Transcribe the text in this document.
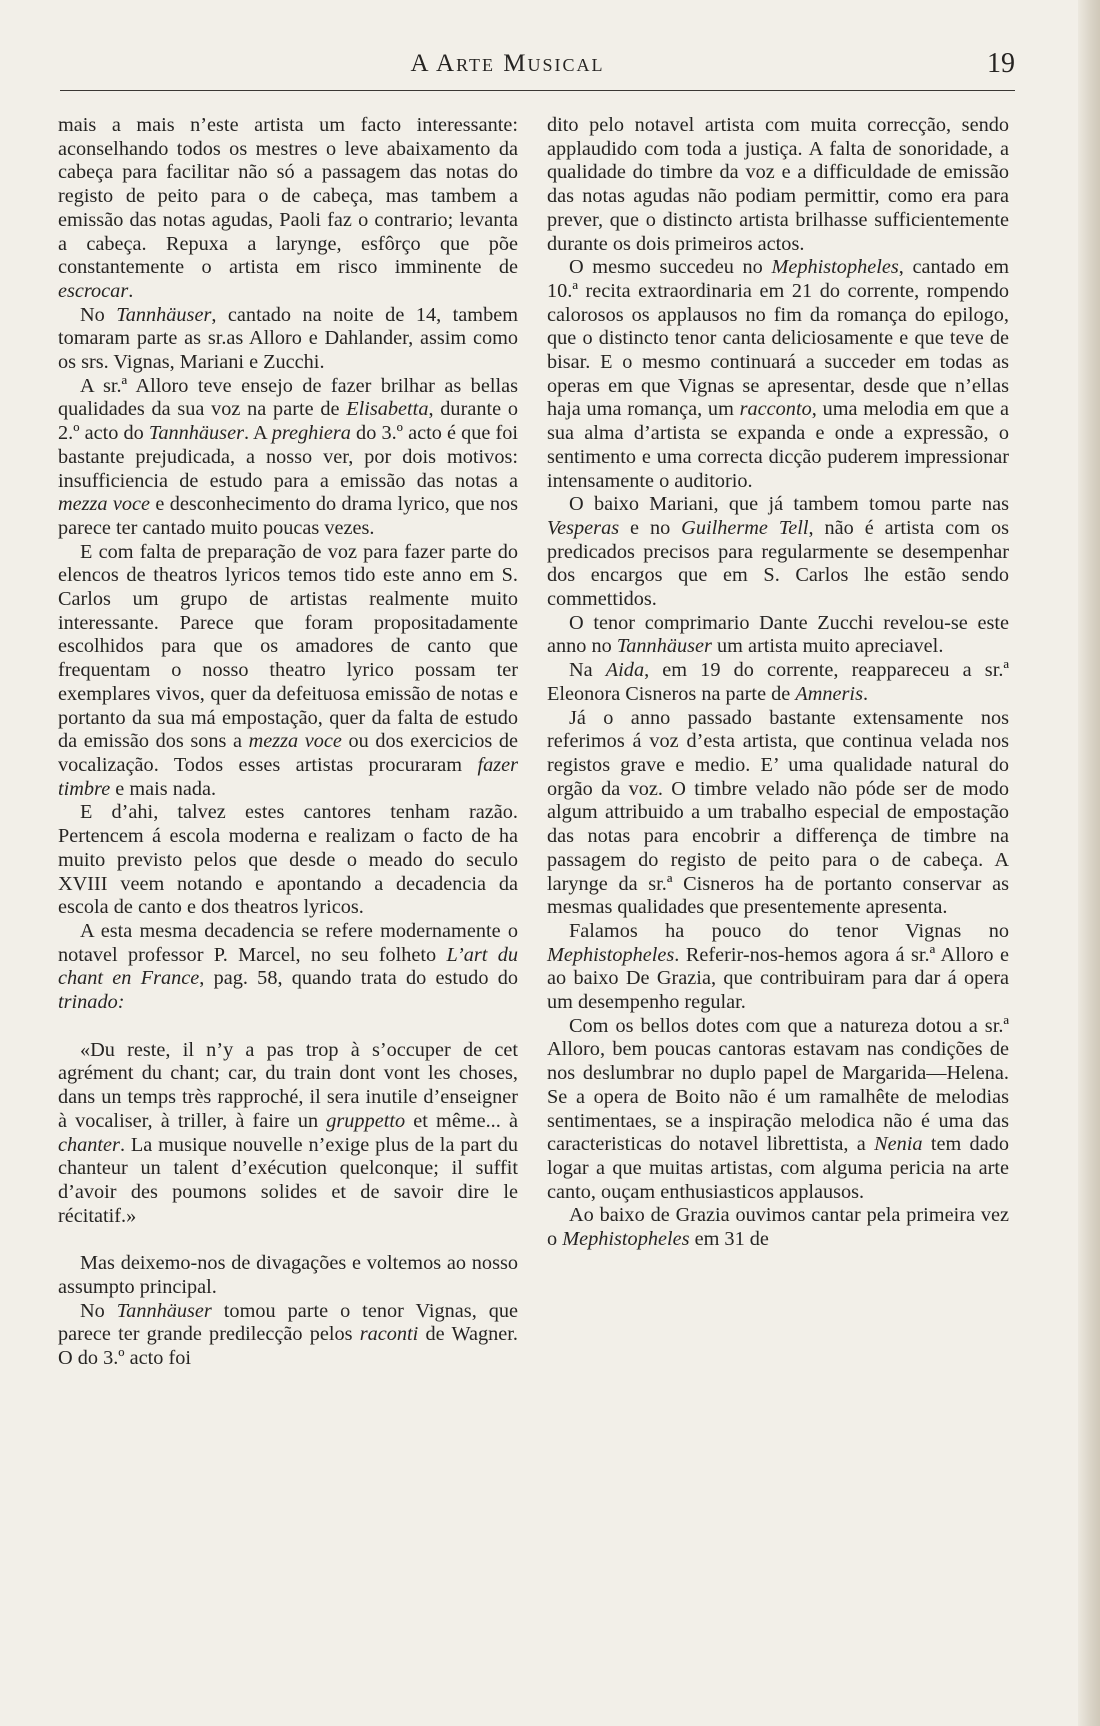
A Arte Musical	19

mais a mais n’este artista um facto interessante: aconselhando todos os mestres o leve abaixamento da cabeça para facilitar não só a passagem das notas do registo de peito para o de cabeça, mas tambem a emissão das notas agudas, Paoli faz o contrario; levanta a cabeça. Repuxa a larynge, esfôrço que põe constantemente o artista em risco imminente de escrocar.

No Tannhäuser, cantado na noite de 14, tambem tomaram parte as sr.as Alloro e Dahlander, assim como os srs. Vignas, Mariani e Zucchi.

A sr.ª Alloro teve ensejo de fazer brilhar as bellas qualidades da sua voz na parte de Elisabetta, durante o 2.º acto do Tannhäuser. A preghiera do 3.º acto é que foi bastante prejudicada, a nosso ver, por dois motivos: insufficiencia de estudo para a emissão das notas a mezza voce e desconhecimento do drama lyrico, que nos parece ter cantado muito poucas vezes.

E com falta de preparação de voz para fazer parte do elencos de theatros lyricos temos tido este anno em S. Carlos um grupo de artistas realmente muito interessante. Parece que foram propositadamente escolhidos para que os amadores de canto que frequentam o nosso theatro lyrico possam ter exemplares vivos, quer da defeituosa emissão de notas e portanto da sua má empostação, quer da falta de estudo da emissão dos sons a mezza voce ou dos exercicios de vocalização. Todos esses artistas procuraram fazer timbre e mais nada.

E d’ahi, talvez estes cantores tenham razão. Pertencem á escola moderna e realizam o facto de ha muito previsto pelos que desde o meado do seculo XVIII veem notando e apontando a decadencia da escola de canto e dos theatros lyricos.

A esta mesma decadencia se refere modernamente o notavel professor P. Marcel, no seu folheto L’art du chant en France, pag. 58, quando trata do estudo do trinado:

«Du reste, il n’y a pas trop à s’occuper de cet agrément du chant; car, du train dont vont les choses, dans un temps très rapproché, il sera inutile d’enseigner à vocaliser, à triller, à faire un gruppetto et même... à chanter. La musique nouvelle n’exige plus de la part du chanteur un talent d’exécution quelconque; il suffit d’avoir des poumons solides et de savoir dire le récitatif.»

Mas deixemo-nos de divagações e voltemos ao nosso assumpto principal.

No Tannhäuser tomou parte o tenor Vignas, que parece ter grande predilecção pelos raconti de Wagner. O do 3.º acto foi

dito pelo notavel artista com muita correcção, sendo applaudido com toda a justiça. A falta de sonoridade, a qualidade do timbre da voz e a difficuldade de emissão das notas agudas não podiam permittir, como era para prever, que o distincto artista brilhasse sufficientemente durante os dois primeiros actos.

O mesmo succedeu no Mephistopheles, cantado em 10.ª recita extraordinaria em 21 do corrente, rompendo calorosos os applausos no fim da romança do epilogo, que o distincto tenor canta deliciosamente e que teve de bisar. E o mesmo continuará a succeder em todas as operas em que Vignas se apresentar, desde que n’ellas haja uma romança, um racconto, uma melodia em que a sua alma d’artista se expanda e onde a expressão, o sentimento e uma correcta dicção puderem impressionar intensamente o auditorio.

O baixo Mariani, que já tambem tomou parte nas Vesperas e no Guilherme Tell, não é artista com os predicados precisos para regularmente se desempenhar dos encargos que em S. Carlos lhe estão sendo commettidos.

O tenor comprimario Dante Zucchi revelou-se este anno no Tannhäuser um artista muito apreciavel.

Na Aida, em 19 do corrente, reappareceu a sr.ª Eleonora Cisneros na parte de Amneris.

Já o anno passado bastante extensamente nos referimos á voz d’esta artista, que continua velada nos registos grave e medio. E’ uma qualidade natural do orgão da voz. O timbre velado não póde ser de modo algum attribuido a um trabalho especial de empostação das notas para encobrir a differença de timbre na passagem do registo de peito para o de cabeça. A larynge da sr.ª Cisneros ha de portanto conservar as mesmas qualidades que presentemente apresenta.

Falamos ha pouco do tenor Vignas no Mephistopheles. Referir-nos-hemos agora á sr.ª Alloro e ao baixo De Grazia, que contribuiram para dar á opera um desempenho regular.

Com os bellos dotes com que a natureza dotou a sr.ª Alloro, bem poucas cantoras estavam nas condições de nos deslumbrar no duplo papel de Margarida—Helena. Se a opera de Boito não é um ramalhête de melodias sentimentaes, se a inspiração melodica não é uma das caracteristicas do notavel librettista, a Nenia tem dado logar a que muitas artistas, com alguma pericia na arte canto, ouçam enthusiasticos applausos.

Ao baixo de Grazia ouvimos cantar pela primeira vez o Mephistopheles em 31 de
